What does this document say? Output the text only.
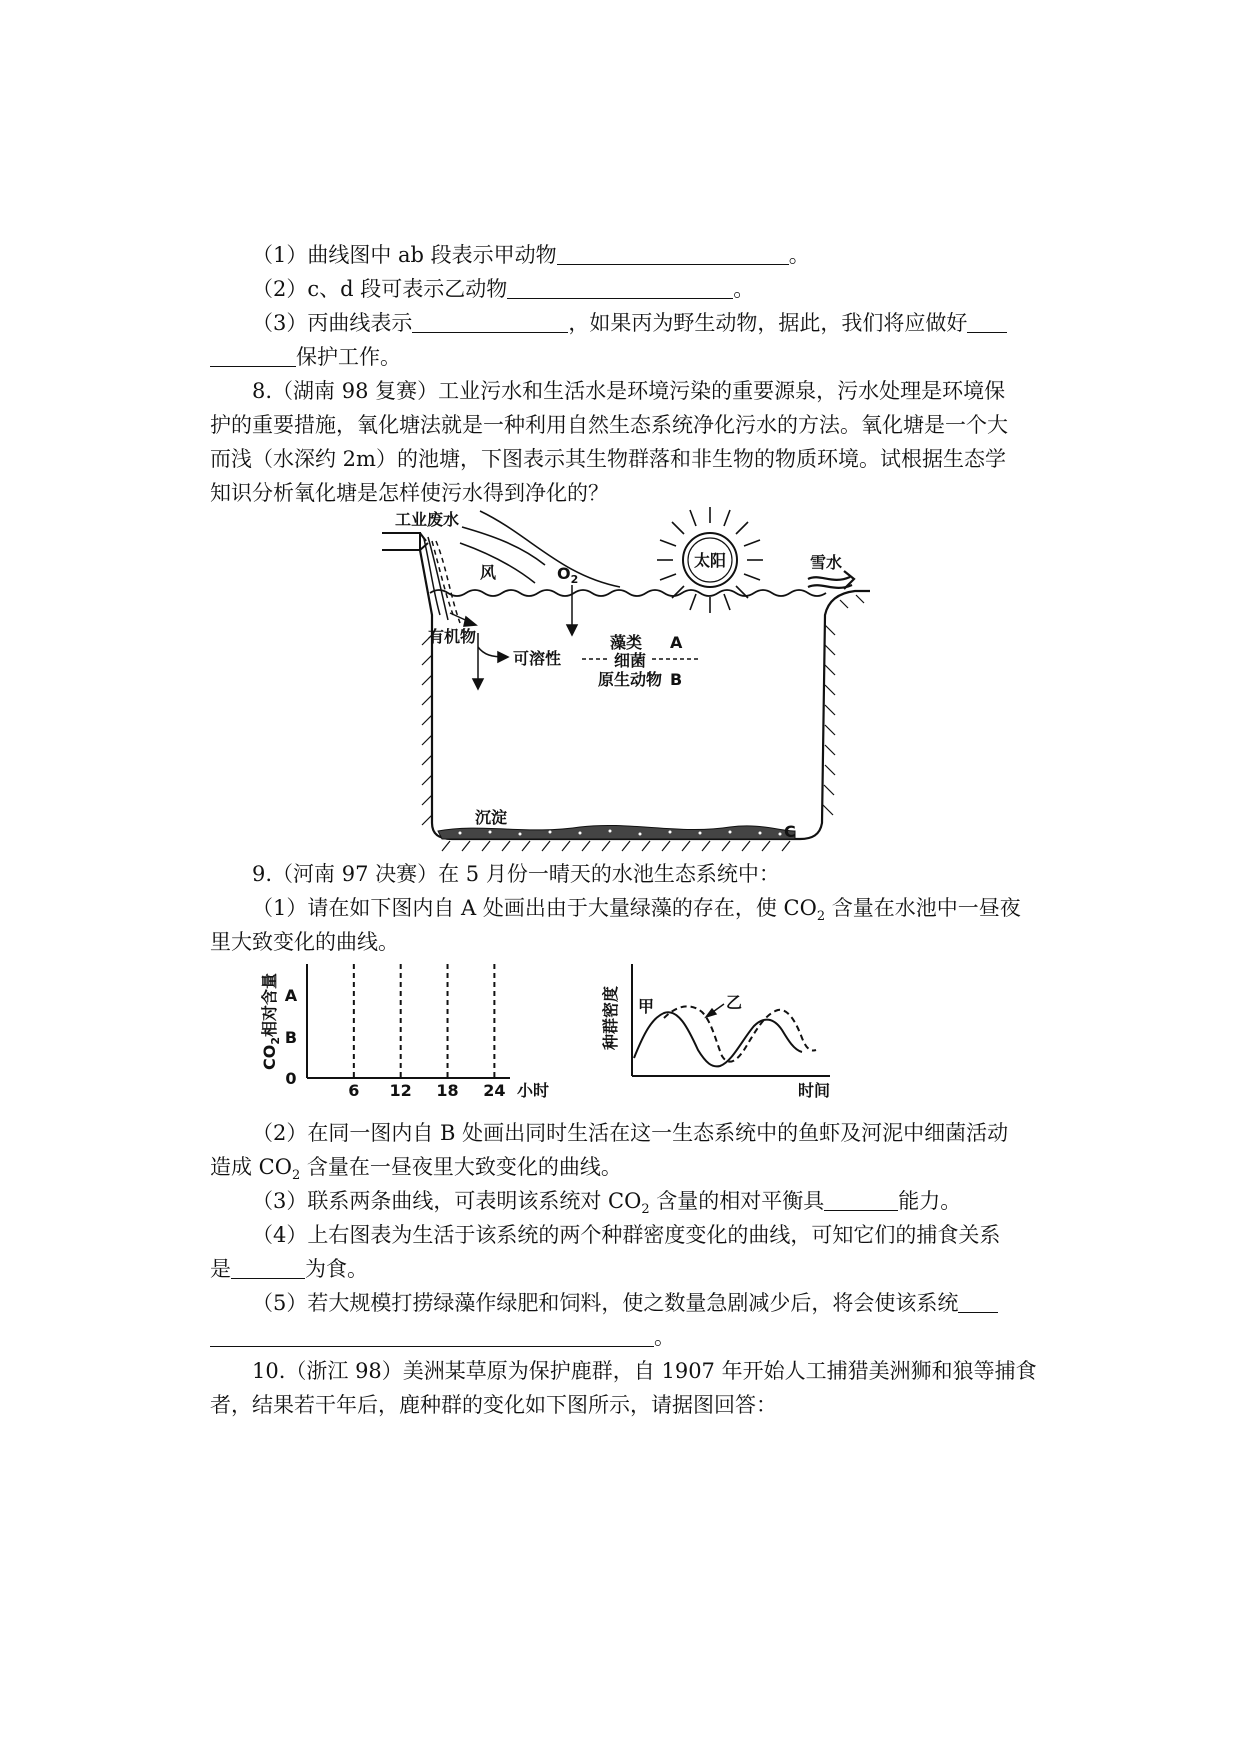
（1）曲线图中 ab 段表示甲动物	。
（2）c、d 段可表示乙动物	。
（3）丙曲线表示	，如果丙为野生动物，据此，我们将应做好
保护工作。
8.（湖南 98 复赛）工业污水和生活水是环境污染的重要源泉，污水处理是环境保
护的重要措施，氧化塘法就是一种利用自然生态系统净化污水的方法。氧化塘是一个大
而浅（水深约 2m）的池塘，下图表示其生物群落和非生物的物质环境。试根据生态学
知识分析氧化塘是怎样使污水得到净化的？
太阳
工业废水
风	$O_2$
雪水
有机物
可溶性
藻类 A
细菌
原生动物 B
沉淀
C
9.（河南 97 决赛）在 5 月份一晴天的水池生态系统中：
（1）请在如下图内自 A 处画出由于大量绿藻的存在，使 $CO_2$ 含量在水池中一昼夜
里大致变化的曲线。
6 12 18 24 小时
0
A
B
$CO_2$相对含量	甲	乙
种群密度
时间
（2）在同一图内自 B 处画出同时生活在这一生态系统中的鱼虾及河泥中细菌活动
造成 $CO_2$ 含量在一昼夜里大致变化的曲线。
（3）联系两条曲线，可表明该系统对 $CO_2$ 含量的相对平衡具	能力。
（4）上右图表为生活于该系统的两个种群密度变化的曲线，可知它们的捕食关系
是	为食。
（5）若大规模打捞绿藻作绿肥和饲料，使之数量急剧减少后，将会使该系统
。
10.（浙江 98）美洲某草原为保护鹿群，自 1907 年开始人工捕猎美洲狮和狼等捕食
者，结果若干年后，鹿种群的变化如下图所示，请据图回答：
